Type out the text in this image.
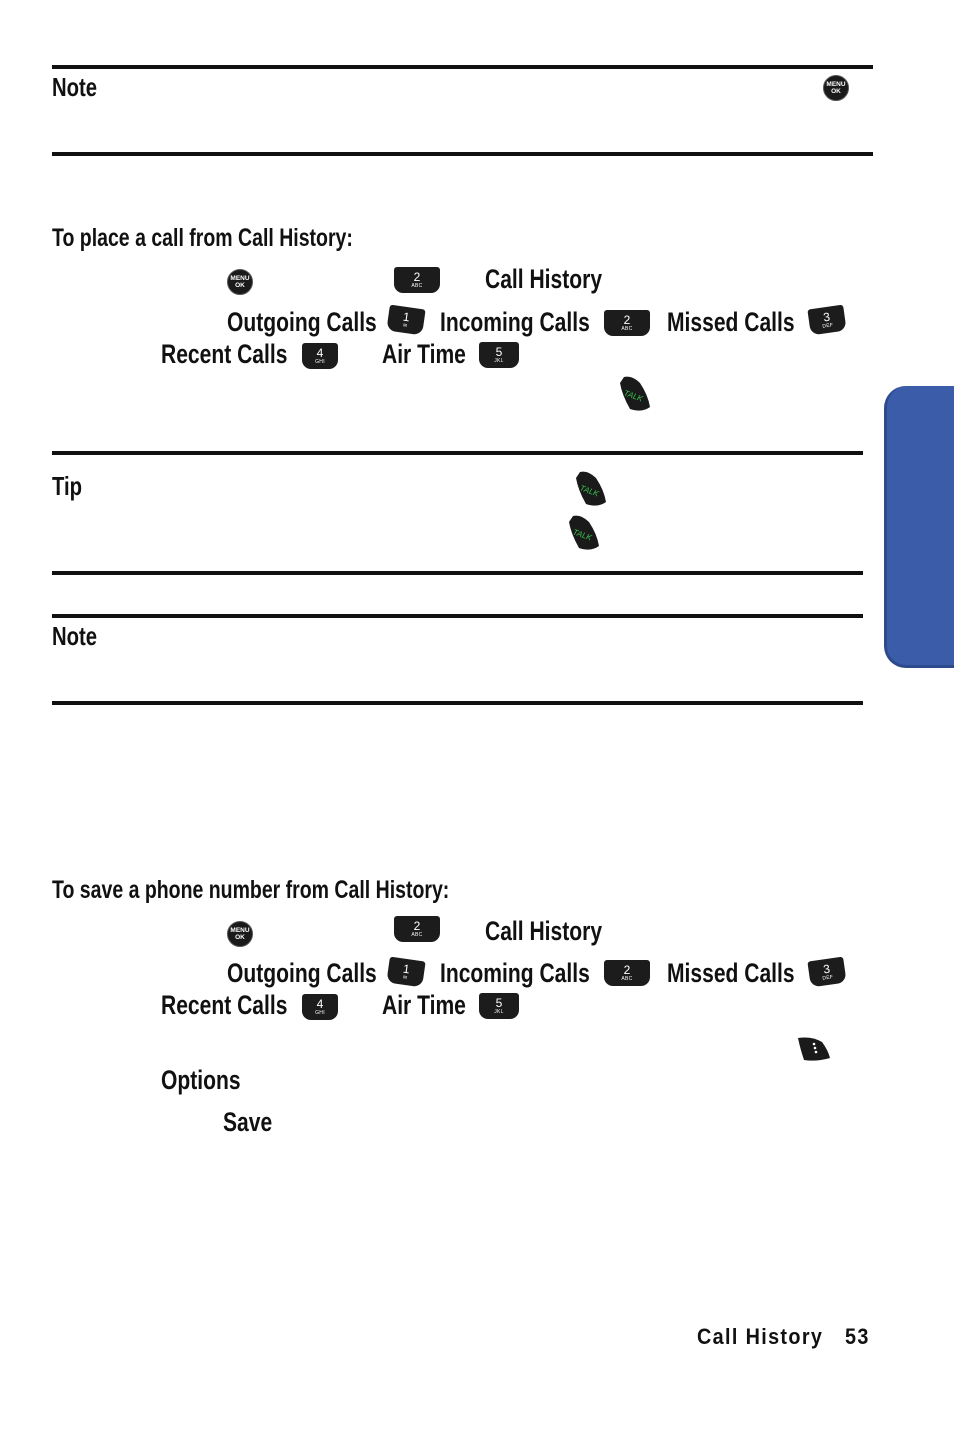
Note	MENU
OK
To place a call from Call History:
MENU
OK
2
ABC Call History
Outgoing Calls 1
✉ Incoming Calls	2
ABC Missed Calls 3
DEF
Recent Calls 4
GHI Air Time 5
JKL
TALK
Tip	TALK
TALK
Note
To save a phone number from Call History:
MENU
OK
2
ABC Call History
Outgoing Calls 1
✉ Incoming Calls	2
ABC Missed Calls 3
DEF
Recent Calls 4
GHI Air Time 5
JKL
Options
Save
Call History 53
